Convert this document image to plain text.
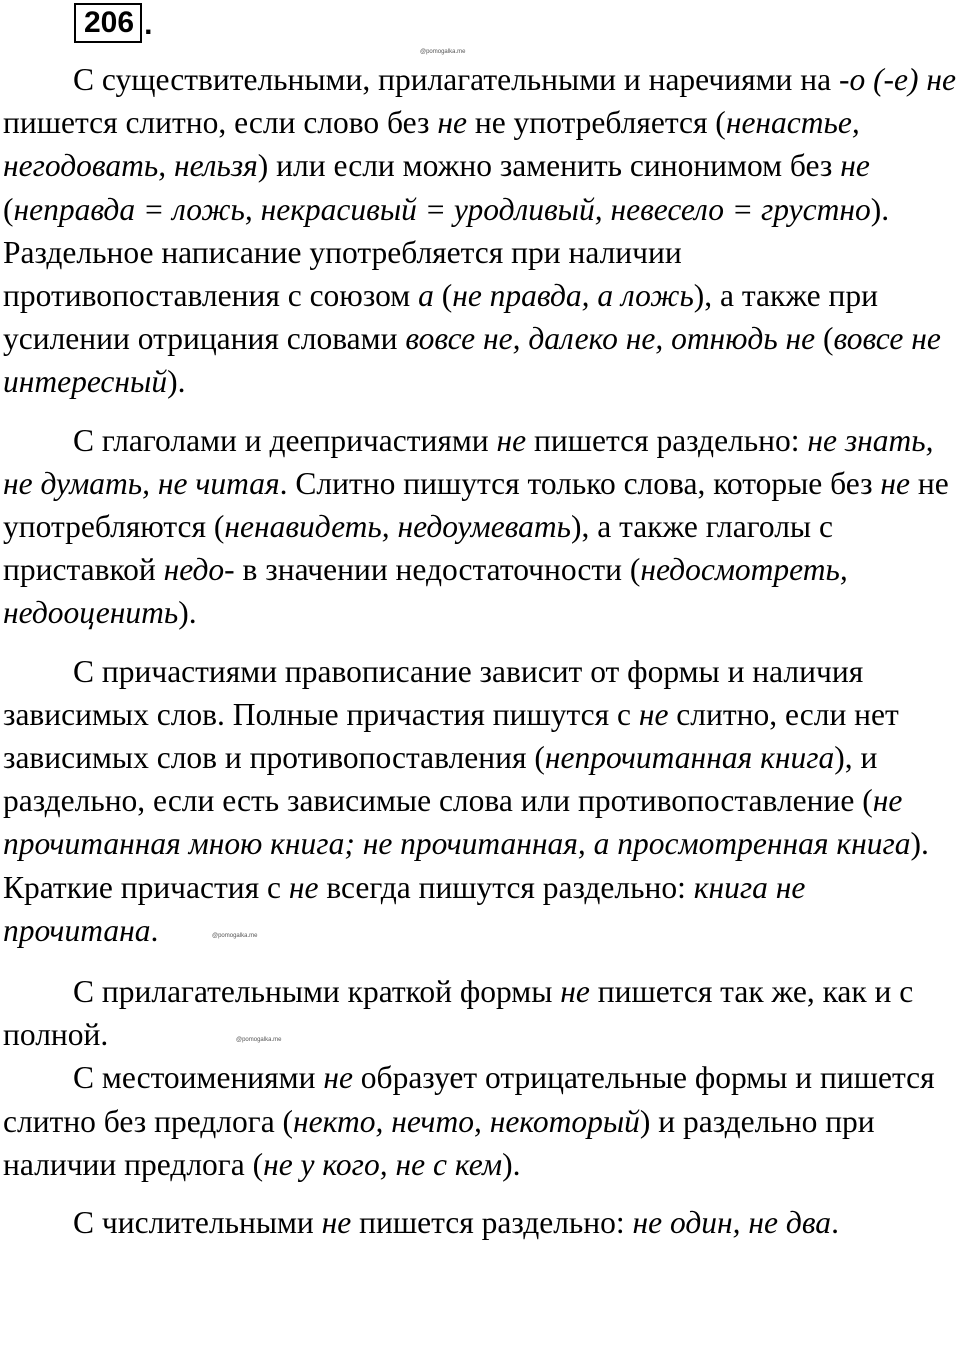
206 .
@pomogalka.me

С существительными, прилагательными и наречиями на -о (-е) не пишется слитно, если слово без не не употребляется (ненастье, негодовать, нельзя) или если можно заменить синонимом без не (неправда = ложь, некрасивый = уродливый, невесело = грустно). Раздельное написание употребляется при наличии противопоставления с союзом а (не правда, а ложь), а также при усилении отрицания словами вовсе не, далеко не, отнюдь не (вовсе не интересный).

С глаголами и деепричастиями не пишется раздельно: не знать, не думать, не читая. Слитно пишутся только слова, которые без не не употребляются (ненавидеть, недоумевать), а также глаголы с приставкой недо- в значении недостаточности (недосмотреть, недооценить).

С причастиями правописание зависит от формы и наличия зависимых слов. Полные причастия пишутся с не слитно, если нет зависимых слов и противопоставления (непрочитанная книга), и раздельно, если есть зависимые слова или противопоставление (не прочитанная мною книга; не прочитанная, а просмотренная книга). Краткие причастия с не всегда пишутся раздельно: книга не прочитана.

С прилагательными краткой формы не пишется так же, как и с полной.

С местоимениями не образует отрицательные формы и пишется слитно без предлога (некто, нечто, некоторый) и раздельно при наличии предлога (не у кого, не с кем).

С числительными не пишется раздельно: не один, не два.

@pomogalka.me
@pomogalka.me
